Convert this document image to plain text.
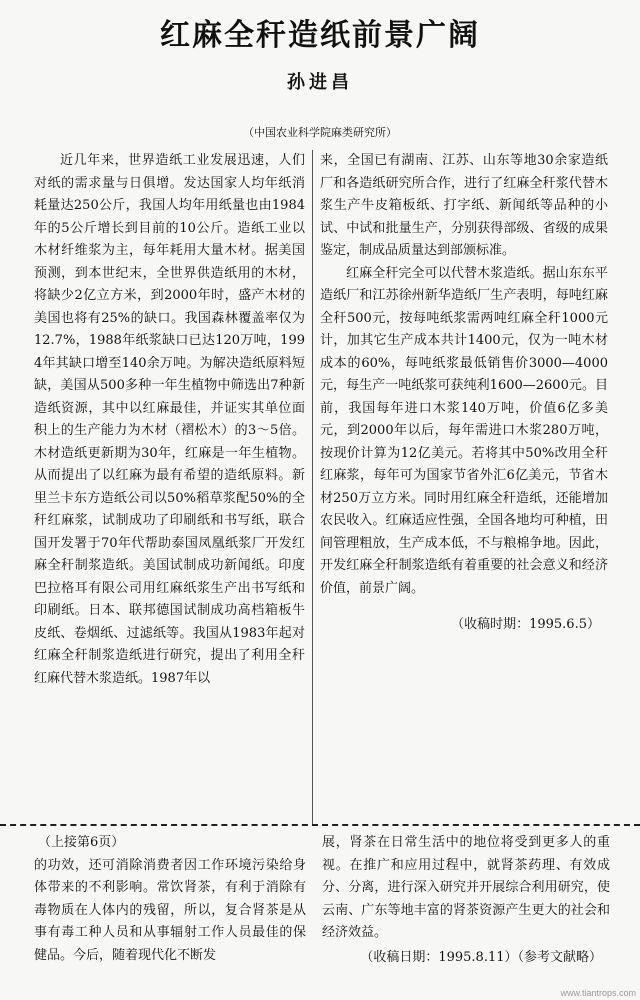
红麻全秆造纸前景广阔
孙进昌
（中国农业科学院麻类研究所）

近几年来，世界造纸工业发展迅速，人们对纸的需求量与日俱增。发达国家人均年纸消耗量达250公斤，我国人均年用纸量也由1984年的5公斤增长到目前的10公斤。造纸工业以木材纤维浆为主，每年耗用大量木材。据美国预测，到本世纪末，全世界供造纸用的木材，将缺少2亿立方米，到2000年时，盛产木材的美国也将有25%的缺口。我国森林覆盖率仅为12.7%，1988年纸浆缺口已达120万吨，1994年其缺口增至140余万吨。为解决造纸原料短缺，美国从500多种一年生植物中筛选出7种新造纸资源，其中以红麻最佳，并证实其单位面积上的生产能力为木材（褶松木）的3～5倍。木材造纸更新期为30年，红麻是一年生植物。从而提出了以红麻为最有希望的造纸原料。新里兰卡东方造纸公司以50%稻草浆配50%的全秆红麻浆，试制成功了印刷纸和书写纸，联合国开发署于70年代帮助泰国凤凰纸浆厂开发红麻全秆制浆造纸。美国试制成功新闻纸。印度巴拉格耳有限公司用红麻纸浆生产出书写纸和印刷纸。日本、联邦德国试制成功高档箱板牛皮纸、卷烟纸、过滤纸等。我国从1983年起对红麻全秆制浆造纸进行研究，提出了利用全秆红麻代替木浆造纸。1987年以

来，全国已有湖南、江苏、山东等地30余家造纸厂和各造纸研究所合作，进行了红麻全秆浆代替木浆生产牛皮箱板纸、打字纸、新闻纸等品种的小试、中试和批量生产，分别获得部级、省级的成果鉴定，制成品质量达到部颁标准。

红麻全秆完全可以代替木浆造纸。据山东东平造纸厂和江苏徐州新华造纸厂生产表明，每吨红麻全秆500元，按每吨纸浆需两吨红麻全秆1000元计，加其它生产成本共计1400元，仅为一吨木材成本的60%，每吨纸浆最低销售价3000—4000元，每生产一吨纸浆可获纯利1600—2600元。目前，我国每年进口木浆140万吨，价值6亿多美元，到2000年以后，每年需进口木浆280万吨，按现价计算为12亿美元。若将其中50%改用全秆红麻浆，每年可为国家节省外汇6亿美元，节省木材250万立方米。同时用红麻全秆造纸，还能增加农民收入。红麻适应性强，全国各地均可种植，田间管理粗放，生产成本低，不与粮棉争地。因此，开发红麻全秆制浆造纸有着重要的社会意义和经济价值，前景广阔。

（收稿时期：1995.6.5）

（上接第6页）

的功效，还可消除消费者因工作环境污染给身体带来的不利影响。常饮肾茶，有利于消除有毒物质在人体内的残留，所以，复合肾茶是从事有毒工种人员和从事辐射工作人员最佳的保健品。今后，随着现代化不断发

展，肾茶在日常生活中的地位将受到更多人的重视。在推广和应用过程中，就肾茶药理、有效成分、分离，进行深入研究并开展综合利用研究，使云南、广东等地丰富的肾茶资源产生更大的社会和经济效益。

（收稿日期：1995.8.11）（参考文献略）

www.tiantrops.com
